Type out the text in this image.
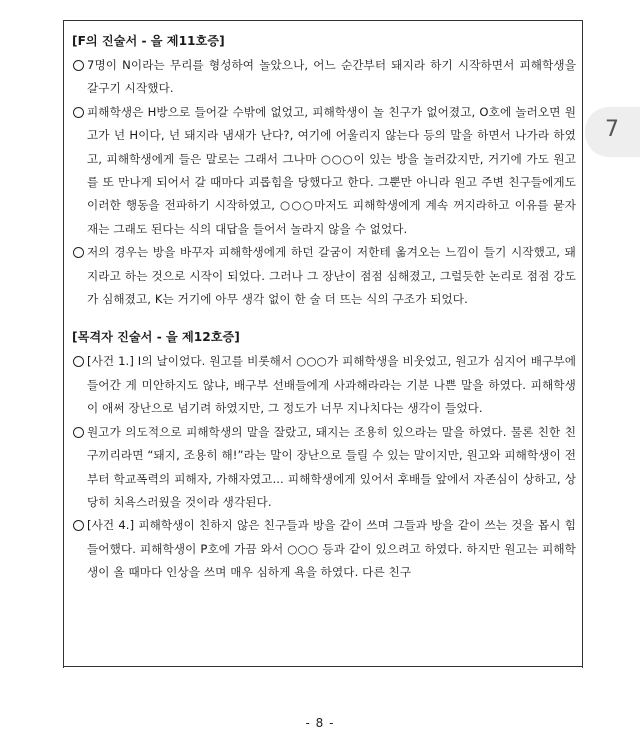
[F의 진술서 - 을 제11호증]
7명이 N이라는 무리를 형성하여 놀았으나, 어느 순간부터 돼지라 하기 시작하면서 피해학생을 갈구기 시작했다.
피해학생은 H방으로 들어갈 수밖에 없었고, 피해학생이 놀 친구가 없어졌고, O호에 놀러오면 원고가 넌 H이다, 넌 돼지라 냄새가 난다?, 여기에 어울리지 않는다 등의 말을 하면서 나가라 하였고, 피해학생에게 들은 말로는 그래서 그나마 ○○○이 있는 방을 놀러갔지만, 거기에 가도 원고를 또 만나게 되어서 갈 때마다 괴롭힘을 당했다고 한다. 그뿐만 아니라 원고 주변 친구들에게도 이러한 행동을 전파하기 시작하였고, ○○○마저도 피해학생에게 계속 꺼지라하고 이유를 묻자 재는 그래도 된다는 식의 대답을 들어서 놀라지 않을 수 없었다.
저의 경우는 방을 바꾸자 피해학생에게 하던 갈굼이 저한테 옮겨오는 느낌이 들기 시작했고, 돼지라고 하는 것으로 시작이 되었다. 그러나 그 장난이 점점 심해졌고, 그럴듯한 논리로 점점 강도가 심해졌고, K는 거기에 아무 생각 없이 한 술 더 뜨는 식의 구조가 되었다.
[목격자 진술서 - 을 제12호증]
[사건 1.] I의 날이었다. 원고를 비롯해서 ○○○가 피해학생을 비웃었고, 원고가 심지어 배구부에 들어간 게 미안하지도 않냐, 배구부 선배들에게 사과해라라는 기분 나쁜 말을 하였다. 피해학생이 애써 장난으로 넘기려 하였지만, 그 정도가 너무 지나치다는 생각이 들었다.
원고가 의도적으로 피해학생의 말을 잘랐고, 돼지는 조용히 있으라는 말을 하였다. 물론 친한 친구끼리라면 “돼지, 조용히 해!”라는 말이 장난으로 들릴 수 있는 말이지만, 원고와 피해학생이 전부터 학교폭력의 피해자, 가해자였고... 피해학생에게 있어서 후배들 앞에서 자존심이 상하고, 상당히 치욕스러웠을 것이라 생각된다.
[사건 4.] 피해학생이 친하지 않은 친구들과 방을 같이 쓰며 그들과 방을 같이 쓰는 것을 몹시 힘들어했다. 피해학생이 P호에 가끔 와서 ○○○ 등과 같이 있으려고 하였다. 하지만 원고는 피해학생이 올 때마다 인상을 쓰며 매우 심하게 욕을 하였다. 다른 친구
7
- 8 -
